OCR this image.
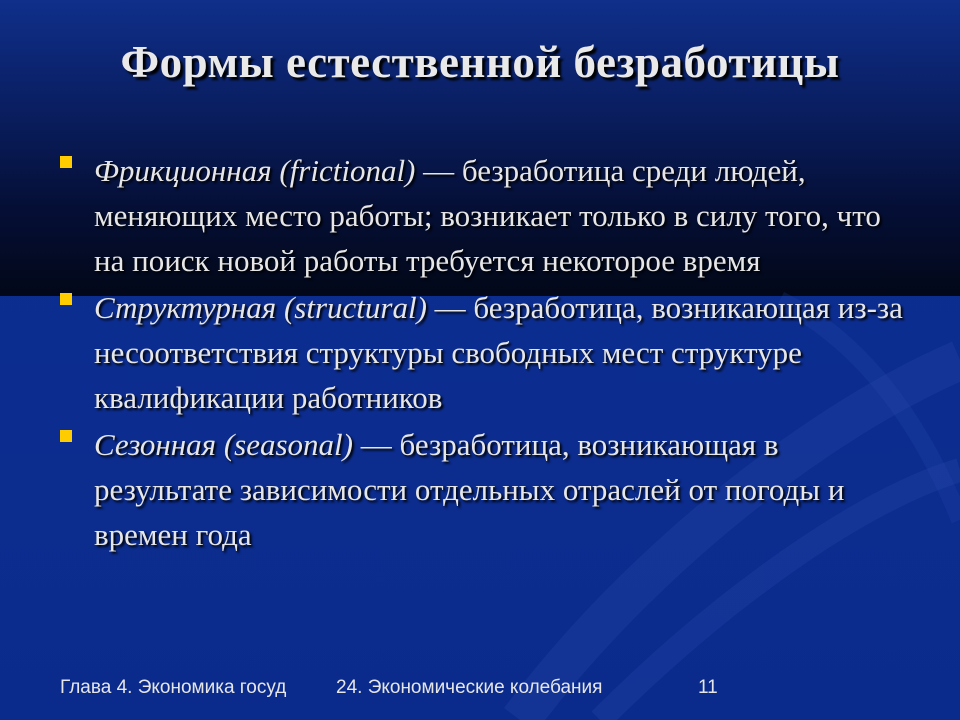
Формы естественной безработицы
Фрикционная (frictional) — безработица среди людей, меняющих место работы; возникает только в силу того, что на поиск новой работы требуется некоторое время
Структурная (structural) — безработица, возникающая из-за несоответствия структуры свободных мест структуре квалификации работников
Сезонная (seasonal) — безработица, возникающая в результате зависимости отдельных отраслей от погоды и времен года
Глава 4. Экономика госуд	24. Экономические колебания	11
